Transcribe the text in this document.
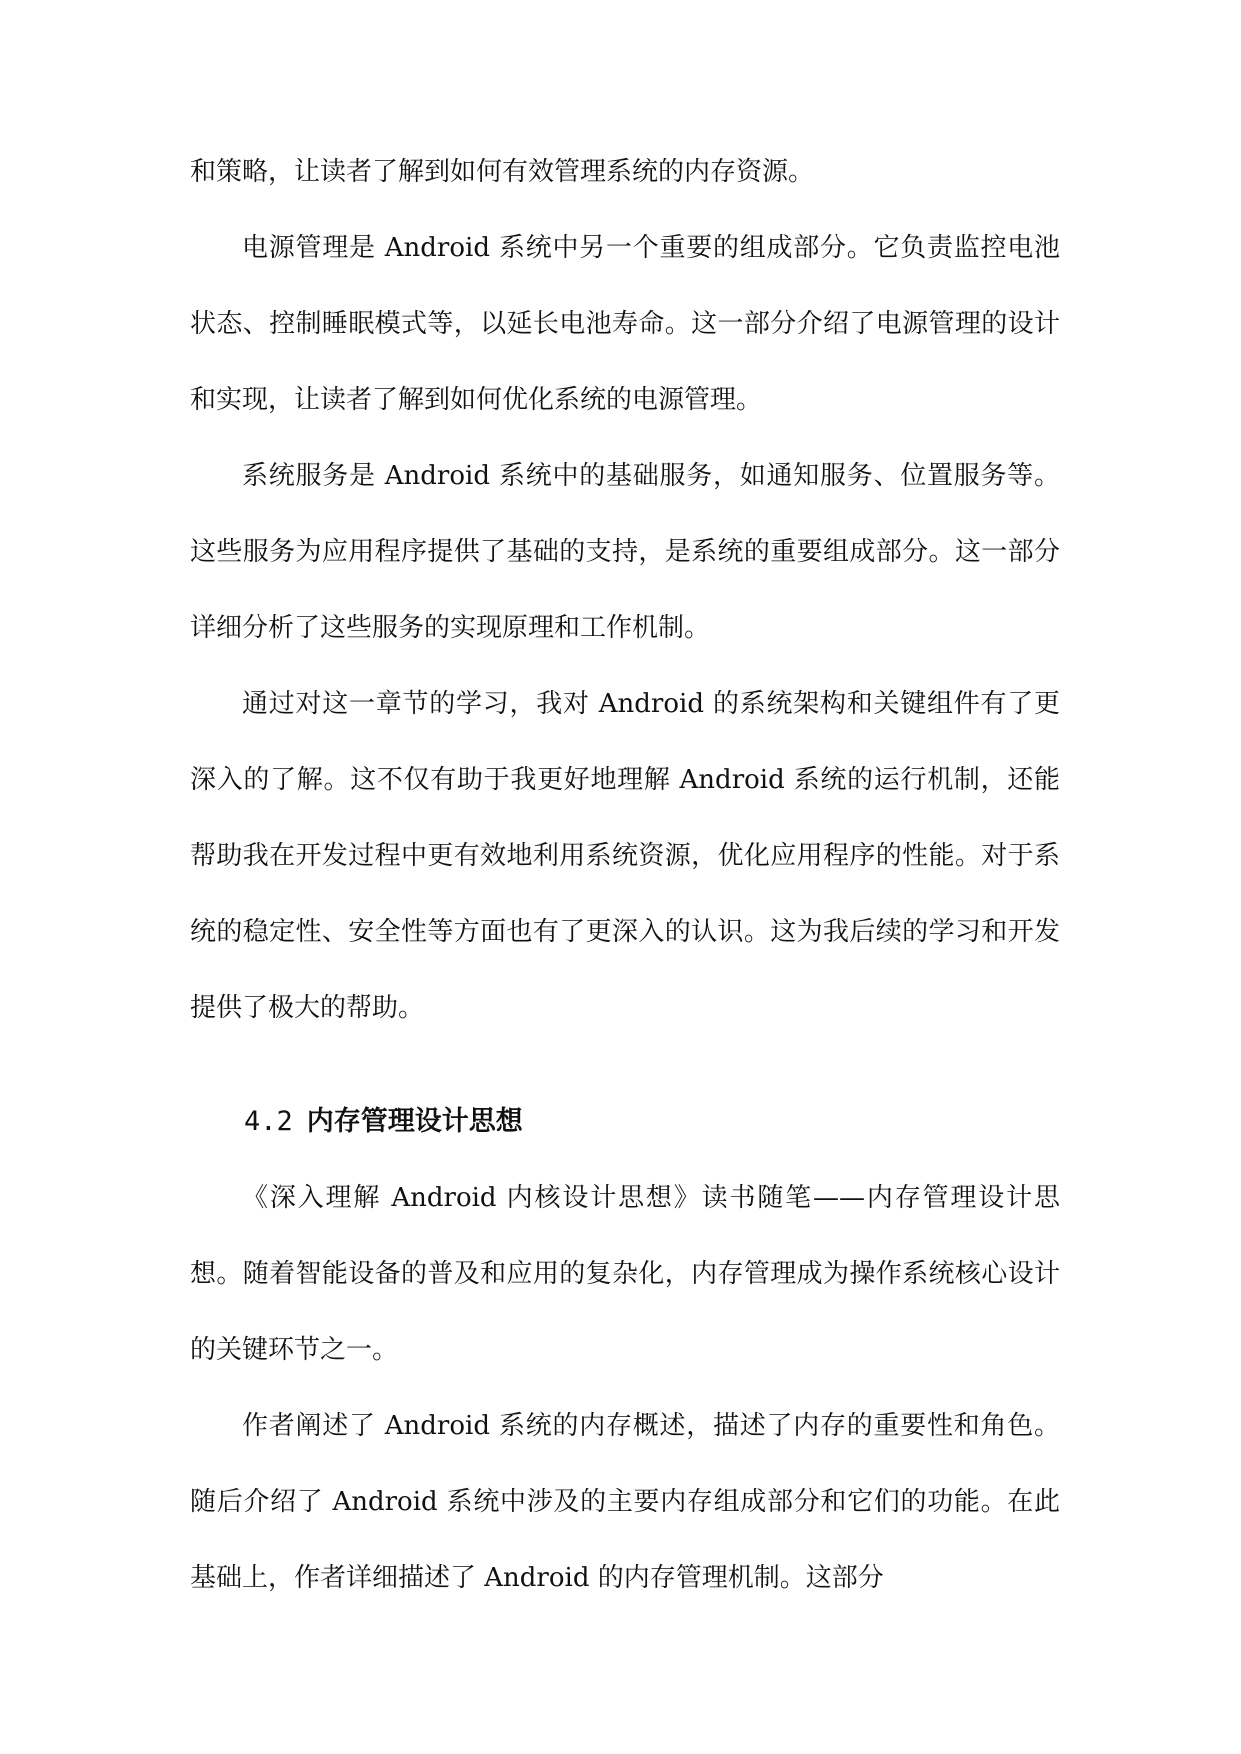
和策略，让读者了解到如何有效管理系统的内存资源。

电源管理是 Android 系统中另一个重要的组成部分。它负责监控电池状态、控制睡眠模式等，以延长电池寿命。这一部分介绍了电源管理的设计和实现，让读者了解到如何优化系统的电源管理。

系统服务是 Android 系统中的基础服务，如通知服务、位置服务等。这些服务为应用程序提供了基础的支持，是系统的重要组成部分。这一部分详细分析了这些服务的实现原理和工作机制。

通过对这一章节的学习，我对 Android 的系统架构和关键组件有了更深入的了解。这不仅有助于我更好地理解 Android 系统的运行机制，还能帮助我在开发过程中更有效地利用系统资源，优化应用程序的性能。对于系统的稳定性、安全性等方面也有了更深入的认识。这为我后续的学习和开发提供了极大的帮助。

4.2 内存管理设计思想

《深入理解 Android 内核设计思想》读书随笔——内存管理设计思想。随着智能设备的普及和应用的复杂化，内存管理成为操作系统核心设计的关键环节之一。

作者阐述了 Android 系统的内存概述，描述了内存的重要性和角色。随后介绍了 Android 系统中涉及的主要内存组成部分和它们的功能。在此基础上，作者详细描述了 Android 的内存管理机制。这部分
